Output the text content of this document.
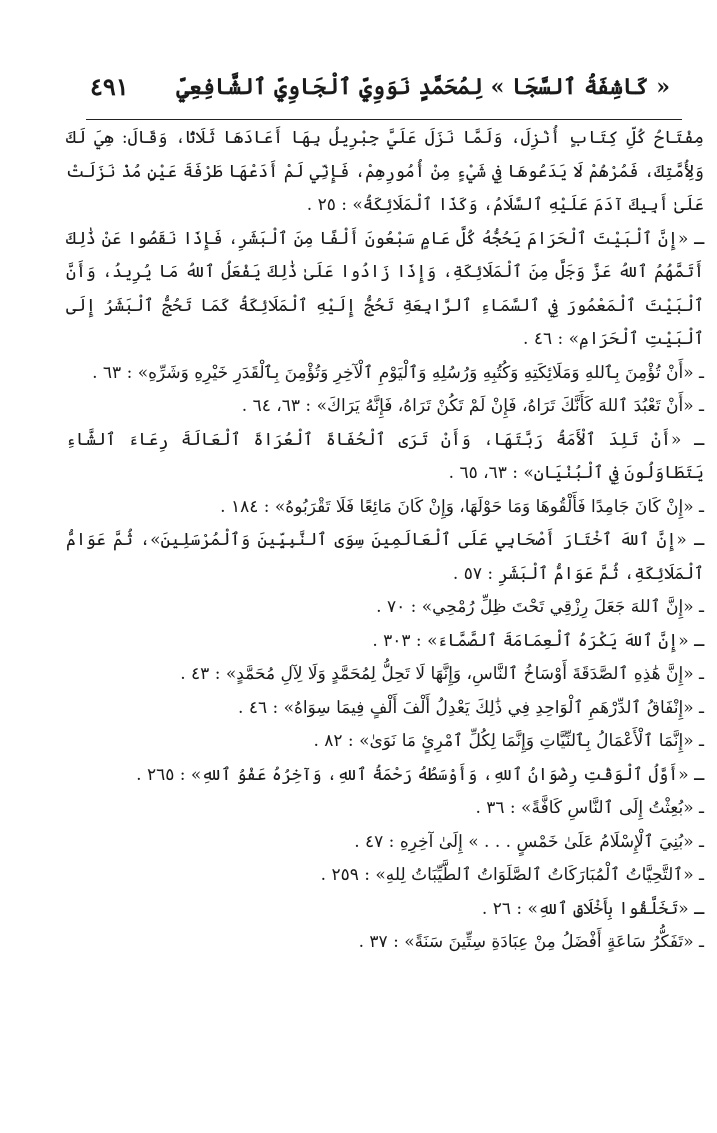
٤٩١ « كَاشِفَةُ ٱلسَّجَا » لِمُحَمَّدٍ نَوَوِيِّ ٱلْجَاوِيِّ ٱلشَّافِعِيِّ

مِفْتَاحُ كُلِّ كِتَابٍ أُنْزِلَ، وَلَمَّا نَزَلَ عَلَيَّ جِبْرِيلُ بِهَا أَعَادَهَا ثَلَاثًا، وَقَالَ: هِيَ لَكَ وَلِأُمَّتِكَ، فَمُرْهُمْ لَا يَدَعُوهَا فِي شَيْءٍ مِنْ أُمُورِهِمْ، فَإِنِّي لَمْ أَدَعْهَا طَرْفَةَ عَيْنٍ مُذْ نَزَلَتْ عَلَىٰ أَبِيكَ آدَمَ عَلَيْهِ ٱلسَّلَامُ، وَكَذَا ٱلْمَلَائِكَةُ» : ٢٥ .

ـ «إِنَّ ٱلْبَيْتَ ٱلْحَرَامَ يَحُجُّهُ كُلَّ عَامٍ سَبْعُونَ أَلْفًا مِنَ ٱلْبَشَرِ، فَإِذَا نَقَصُوا عَنْ ذَٰلِكَ أَتَمَّهُمُ ٱللهُ عَزَّ وَجَلَّ مِنَ ٱلْمَلَائِكَةِ، وَإِذَا زَادُوا عَلَىٰ ذَٰلِكَ يَفْعَلُ ٱللهُ مَا يُرِيدُ، وَأَنَّ ٱلْبَيْتَ ٱلْمَعْمُورَ فِي ٱلسَّمَاءِ ٱلرَّابِعَةِ تَحُجُّ إِلَيْهِ ٱلْمَلَائِكَةُ كَمَا تَحُجُّ ٱلْبَشَرُ إِلَى ٱلْبَيْتِ ٱلْحَرَامِ» : ٤٦ .

ـ «أَنْ تُؤْمِنَ بِٱللهِ وَمَلَائِكَتِهِ وَكُتُبِهِ وَرُسُلِهِ وَٱلْيَوْمِ ٱلْآخِرِ وَتُؤْمِنَ بِٱلْقَدَرِ خَيْرِهِ وَشَرِّهِ» : ٦٣ .

ـ «أَنْ تَعْبُدَ ٱللهَ كَأَنَّكَ تَرَاهُ، فَإِنْ لَمْ تَكُنْ تَرَاهُ، فَإِنَّهُ يَرَاكَ» : ٦٣، ٦٤ .

ـ «أَنْ تَلِدَ ٱلْأَمَةُ رَبَّتَهَا، وَأَنْ تَرَى ٱلْحُفَاةَ ٱلْعُرَاةَ ٱلْعَالَةَ رِعَاءَ ٱلشَّاءِ يَتَطَاوَلُونَ فِي ٱلْبُنْيَانِ» : ٦٣، ٦٥ .

ـ «إِنْ كَانَ جَامِدًا فَأَلْقُوهَا وَمَا حَوْلَهَا، وَإِنْ كَانَ مَائِعًا فَلَا تَقْرَبُوهُ» : ١٨٤ .

ـ «إِنَّ ٱللهَ ٱخْتَارَ أَصْحَابِي عَلَى ٱلْعَالَمِينَ سِوَى ٱلنَّبِيِّينَ وَٱلْمُرْسَلِينَ»، ثُمَّ عَوَامُّ ٱلْمَلَائِكَةِ، ثُمَّ عَوَامُّ ٱلْبَشَرِ : ٥٧ .

ـ «إِنَّ ٱللهَ جَعَلَ رِزْقِي تَحْتَ ظِلِّ رُمْحِي» : ٧٠ .

ـ «إِنَّ ٱللهَ يَكْرَهُ ٱلْعِمَامَةَ ٱلصَّمَّاءَ» : ٣٠٣ .

ـ «إِنَّ هَٰذِهِ ٱلصَّدَقَةَ أَوْسَاخُ ٱلنَّاسِ، وَإِنَّهَا لَا تَحِلُّ لِمُحَمَّدٍ وَلَا لِآلِ مُحَمَّدٍ» : ٤٣ .

ـ «إِنْفَاقُ ٱلدِّرْهَمِ ٱلْوَاحِدِ فِي ذَٰلِكَ يَعْدِلُ أَلْفَ أَلْفٍ فِيمَا سِوَاهُ» : ٤٦ .

ـ «إِنَّمَا ٱلْأَعْمَالُ بِٱلنِّيَّاتِ وَإِنَّمَا لِكُلِّ ٱمْرِئٍ مَا نَوَىٰ» : ٨٢ .

ـ «أَوَّلُ ٱلْوَقْتِ رِضْوَانُ ٱللهِ، وَأَوْسَطُهُ رَحْمَةُ ٱللهِ، وَآخِرُهُ عَفْوُ ٱللهِ» : ٢٦٥ .

ـ «بُعِثْتُ إِلَى ٱلنَّاسِ كَافَّةً» : ٣٦ .

ـ «بُنِيَ ٱلْإِسْلَامُ عَلَىٰ خَمْسٍ . . . » إِلَىٰ آخِرِهِ : ٤٧ .

ـ «ٱلتَّحِيَّاتُ ٱلْمُبَارَكَاتُ ٱلصَّلَوَاتُ ٱلطَّيِّبَاتُ لِلهِ» : ٢٥٩ .

ـ «تَخَلَّقُوا بِأَخْلَاقِ ٱللهِ» : ٢٦ .

ـ «تَفَكُّرُ سَاعَةٍ أَفْضَلُ مِنْ عِبَادَةِ سِتِّينَ سَنَةً» : ٣٧ .
